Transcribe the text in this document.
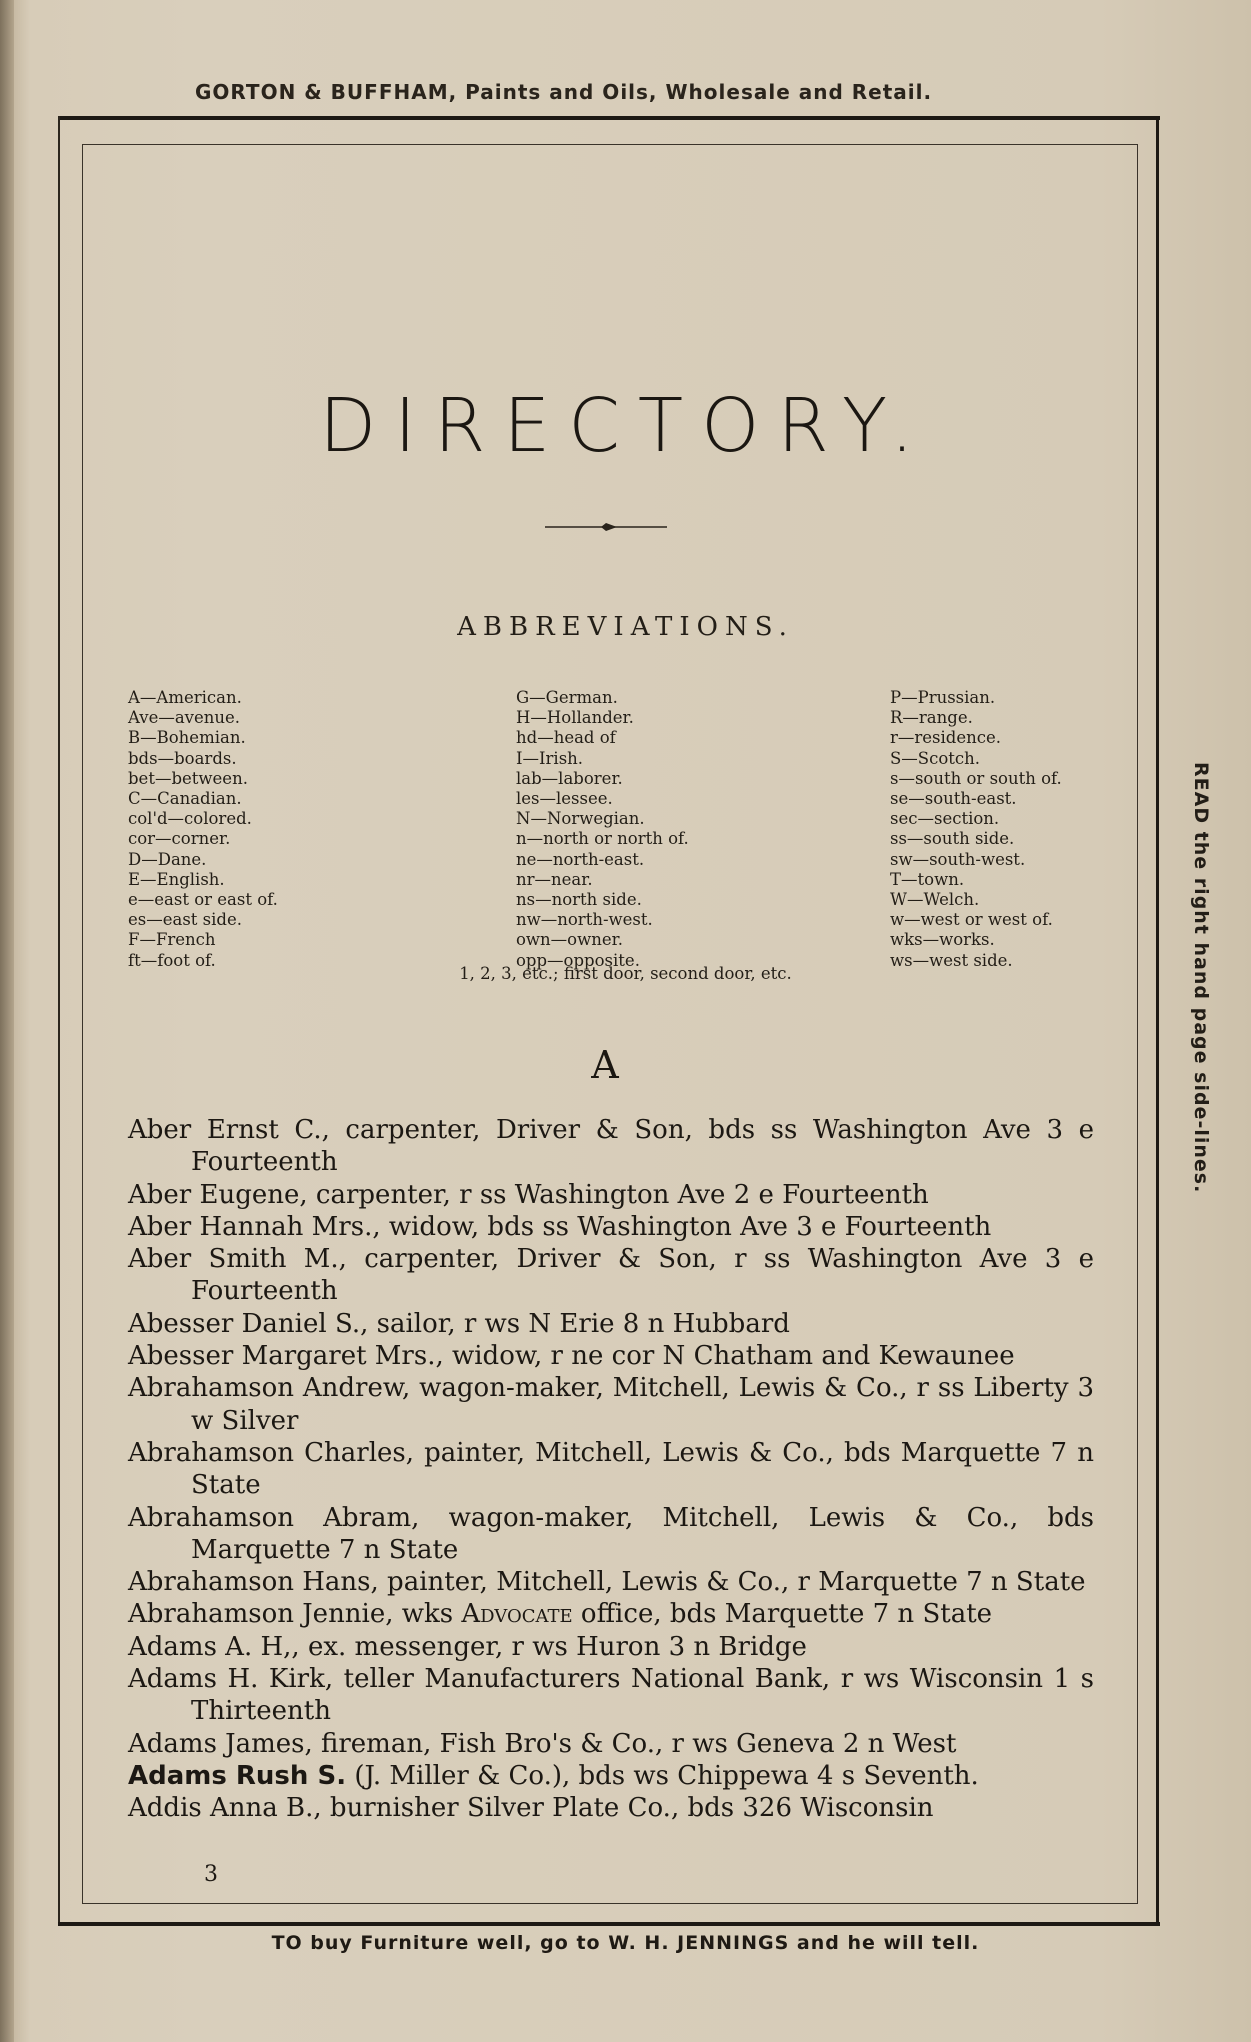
GORTON & BUFFHAM, Paints and Oils, Wholesale and Retail.
DIRECTORY.
ABBREVIATIONS.
A—American.
Ave—avenue.
B—Bohemian.
bds—boards.
bet—between.
C—Canadian.
col'd—colored.
cor—corner.
D—Dane.
E—English.
e—east or east of.
es—east side.
F—French
ft—foot of.
G—German.
H—Hollander.
hd—head of
I—Irish.
lab—laborer.
les—lessee.
N—Norwegian.
n—north or north of.
ne—north-east.
nr—near.
ns—north side.
nw—north-west.
own—owner.
opp—opposite.
P—Prussian.
R—range.
r—residence.
S—Scotch.
s—south or south of.
se—south-east.
sec—section.
ss—south side.
sw—south-west.
T—town.
W—Welch.
w—west or west of.
wks—works.
ws—west side.
1, 2, 3, etc.; first door, second door, etc.
A
Aber Ernst C., carpenter, Driver & Son, bds ss Washington Ave 3 e Fourteenth
Aber Eugene, carpenter, r ss Washington Ave 2 e Fourteenth
Aber Hannah Mrs., widow, bds ss Washington Ave 3 e Fourteenth
Aber Smith M., carpenter, Driver & Son, r ss Washington Ave 3 e Fourteenth
Abesser Daniel S., sailor, r ws N Erie 8 n Hubbard
Abesser Margaret Mrs., widow, r ne cor N Chatham and Kewaunee
Abrahamson Andrew, wagon-maker, Mitchell, Lewis & Co., r ss Liberty 3 w Silver
Abrahamson Charles, painter, Mitchell, Lewis & Co., bds Marquette 7 n State
Abrahamson Abram, wagon-maker, Mitchell, Lewis & Co., bds Marquette 7 n State
Abrahamson Hans, painter, Mitchell, Lewis & Co., r Marquette 7 n State
Abrahamson Jennie, wks Advocate office, bds Marquette 7 n State
Adams A. H,, ex. messenger, r ws Huron 3 n Bridge
Adams H. Kirk, teller Manufacturers National Bank, r ws Wisconsin 1 s Thirteenth
Adams James, fireman, Fish Bro's & Co., r ws Geneva 2 n West
Adams Rush S. (J. Miller & Co.), bds ws Chippewa 4 s Seventh.
Addis Anna B., burnisher Silver Plate Co., bds 326 Wisconsin
3
READ the right hand page side-lines.
TO buy Furniture well, go to W. H. JENNINGS and he will tell.
